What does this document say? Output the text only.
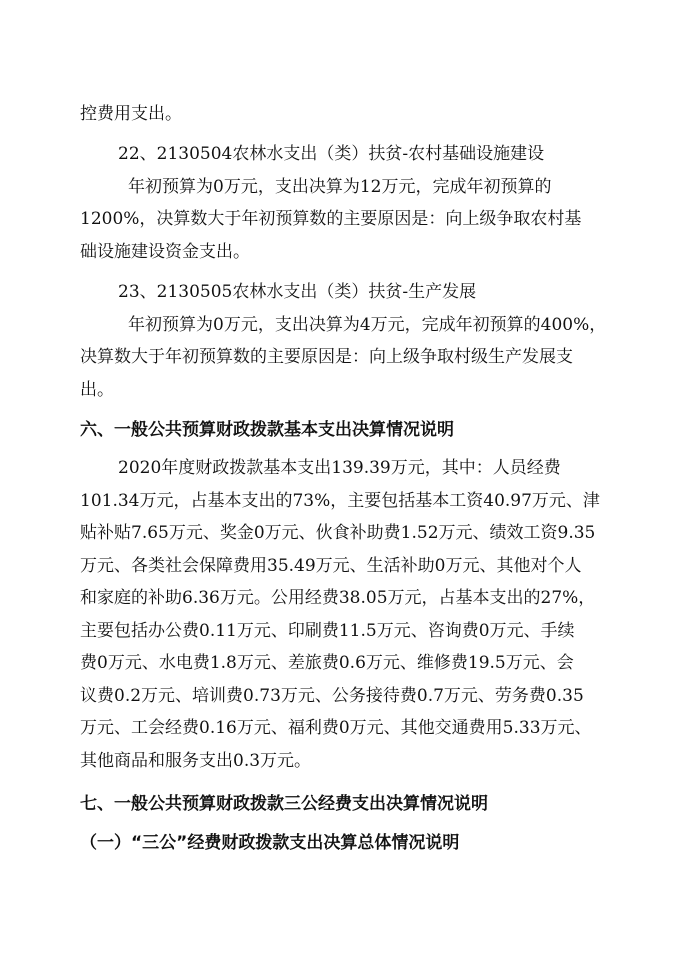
控费用支出。
22、2130504农林水支出（类）扶贫-农村基础设施建设
年初预算为0万元，支出决算为12万元，完成年初预算的
1200%，决算数大于年初预算数的主要原因是：向上级争取农村基
础设施建设资金支出。
23、2130505农林水支出（类）扶贫-生产发展
年初预算为0万元，支出决算为4万元，完成年初预算的400%，
决算数大于年初预算数的主要原因是：向上级争取村级生产发展支
出。
六、一般公共预算财政拨款基本支出决算情况说明
2020年度财政拨款基本支出139.39万元，其中：人员经费
101.34万元，占基本支出的73%，主要包括基本工资40.97万元、津
贴补贴7.65万元、奖金0万元、伙食补助费1.52万元、绩效工资9.35
万元、各类社会保障费用35.49万元、生活补助0万元、其他对个人
和家庭的补助6.36万元。公用经费38.05万元，占基本支出的27%，
主要包括办公费0.11万元、印刷费11.5万元、咨询费0万元、手续
费0万元、水电费1.8万元、差旅费0.6万元、维修费19.5万元、会
议费0.2万元、培训费0.73万元、公务接待费0.7万元、劳务费0.35
万元、工会经费0.16万元、福利费0万元、其他交通费用5.33万元、
其他商品和服务支出0.3万元。
七、一般公共预算财政拨款三公经费支出决算情况说明
（一）“三公”经费财政拨款支出决算总体情况说明
